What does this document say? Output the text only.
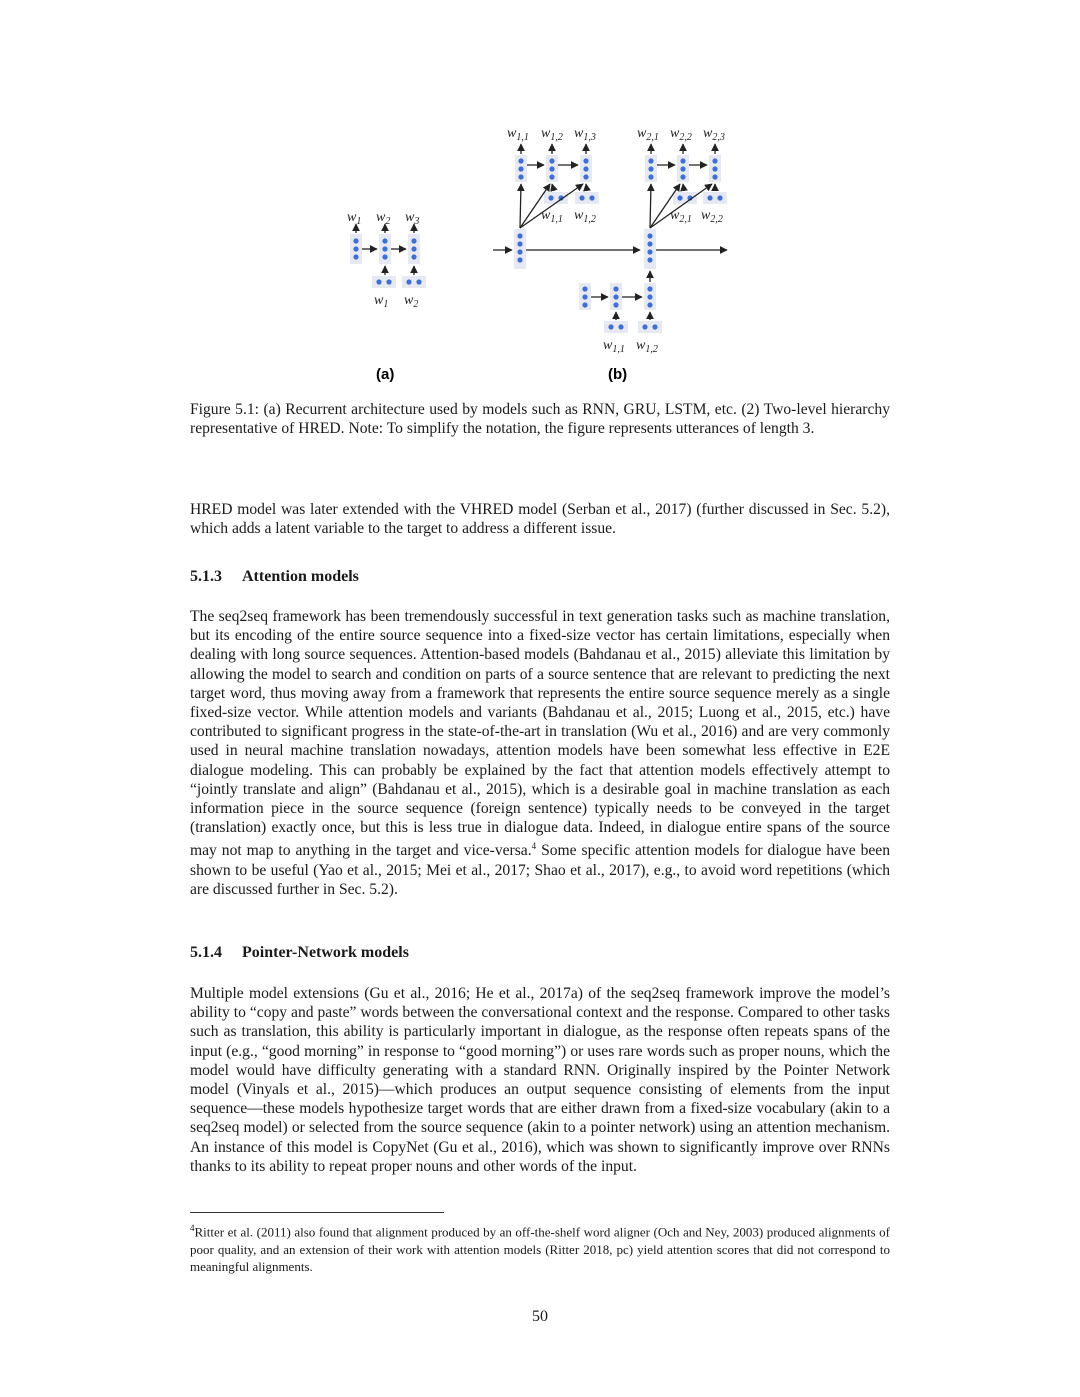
$w_1$ $w_2$ $w_3$
$w_1$ $w_2$
$w_{1,1}$ $w_{1,2}$ $w_{1,3}$	$w_{2,1}$ $w_{2,2}$ $w_{2,3}$
$w_{1,1}$ $w_{1,2}$	$w_{2,1}$ $w_{2,2}$
$w_{1,1}$ $w_{1,2}$
(a)	(b)

Figure 5.1: (a) Recurrent architecture used by models such as RNN, GRU, LSTM, etc. (2) Two-level hierarchy representative of HRED. Note: To simplify the notation, the figure represents utterances of length 3.

HRED model was later extended with the VHRED model (Serban et al., 2017) (further discussed in Sec. 5.2), which adds a latent variable to the target to address a different issue.

5.1.3 Attention models

The seq2seq framework has been tremendously successful in text generation tasks such as machine translation, but its encoding of the entire source sequence into a fixed-size vector has certain limitations, especially when dealing with long source sequences. Attention-based models (Bahdanau et al., 2015) alleviate this limitation by allowing the model to search and condition on parts of a source sentence that are relevant to predicting the next target word, thus moving away from a framework that represents the entire source sequence merely as a single fixed-size vector. While attention models and variants (Bahdanau et al., 2015; Luong et al., 2015, etc.) have contributed to significant progress in the state-of-the-art in translation (Wu et al., 2016) and are very commonly used in neural machine translation nowadays, attention models have been somewhat less effective in E2E dialogue modeling. This can probably be explained by the fact that attention models effectively attempt to “jointly translate and align” (Bahdanau et al., 2015), which is a desirable goal in machine translation as each information piece in the source sequence (foreign sentence) typically needs to be conveyed in the target (translation) exactly once, but this is less true in dialogue data. Indeed, in dialogue entire spans of the source may not map to anything in the target and vice-versa.$^4$ Some specific attention models for dialogue have been shown to be useful (Yao et al., 2015; Mei et al., 2017; Shao et al., 2017), e.g., to avoid word repetitions (which are discussed further in Sec. 5.2).

5.1.4 Pointer-Network models

Multiple model extensions (Gu et al., 2016; He et al., 2017a) of the seq2seq framework improve the model’s ability to “copy and paste” words between the conversational context and the response. Compared to other tasks such as translation, this ability is particularly important in dialogue, as the response often repeats spans of the input (e.g., “good morning” in response to “good morning”) or uses rare words such as proper nouns, which the model would have difficulty generating with a standard RNN. Originally inspired by the Pointer Network model (Vinyals et al., 2015)—which produces an output sequence consisting of elements from the input sequence—these models hypothesize target words that are either drawn from a fixed-size vocabulary (akin to a seq2seq model) or selected from the source sequence (akin to a pointer network) using an attention mechanism. An instance of this model is CopyNet (Gu et al., 2016), which was shown to significantly improve over RNNs thanks to its ability to repeat proper nouns and other words of the input.

$^4$Ritter et al. (2011) also found that alignment produced by an off-the-shelf word aligner (Och and Ney, 2003) produced alignments of poor quality, and an extension of their work with attention models (Ritter 2018, pc) yield attention scores that did not correspond to meaningful alignments.

50
